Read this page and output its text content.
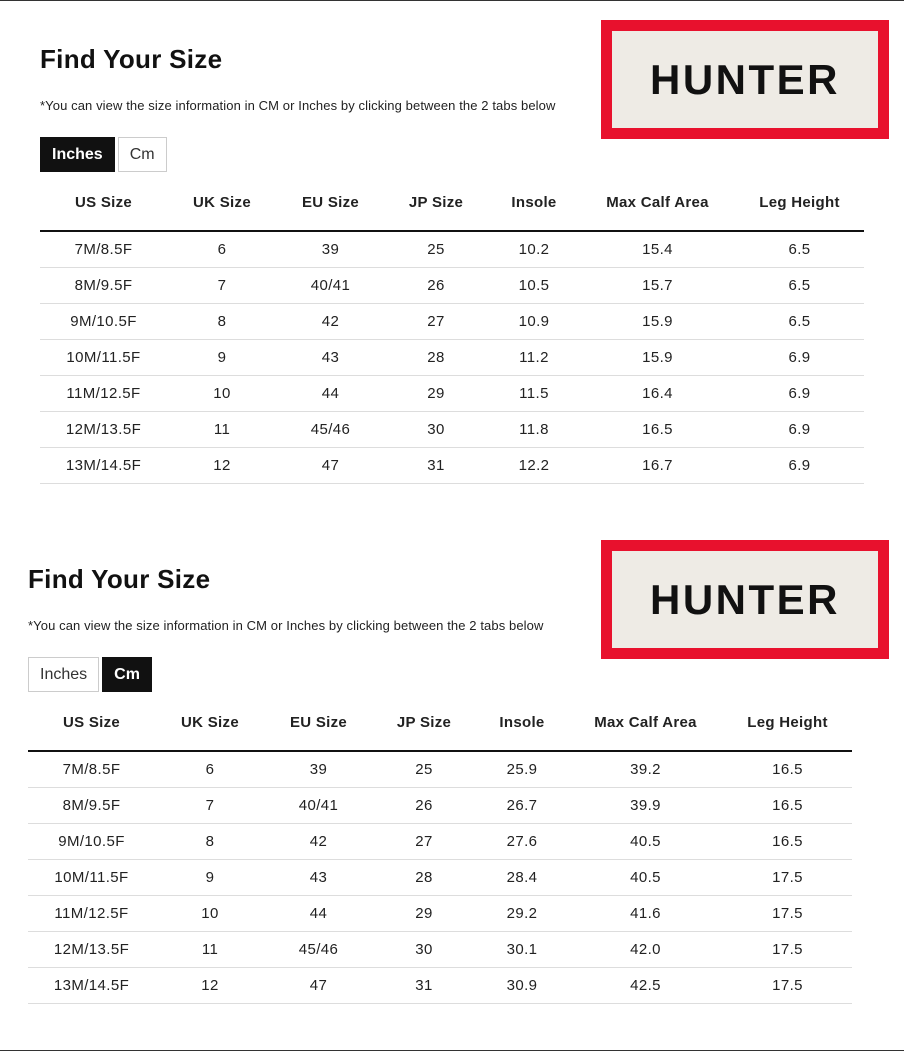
Find Your Size
*You can view the size information in CM or Inches by clicking between the 2 tabs below
Inches	Cm
HUNTER
US Size	UK Size	EU Size	JP Size	Insole	Max Calf Area	Leg Height
7M/8.5F	6	39	25	10.2	15.4	6.5
8M/9.5F	7	40/41	26	10.5	15.7	6.5
9M/10.5F	8	42	27	10.9	15.9	6.5
10M/11.5F	9	43	28	11.2	15.9	6.9
11M/12.5F	10	44	29	11.5	16.4	6.9
12M/13.5F	11	45/46	30	11.8	16.5	6.9
13M/14.5F	12	47	31	12.2	16.7	6.9
Find Your Size
*You can view the size information in CM or Inches by clicking between the 2 tabs below
Inches	Cm
HUNTER
US Size	UK Size	EU Size	JP Size	Insole	Max Calf Area	Leg Height
7M/8.5F	6	39	25	25.9	39.2	16.5
8M/9.5F	7	40/41	26	26.7	39.9	16.5
9M/10.5F	8	42	27	27.6	40.5	16.5
10M/11.5F	9	43	28	28.4	40.5	17.5
11M/12.5F	10	44	29	29.2	41.6	17.5
12M/13.5F	11	45/46	30	30.1	42.0	17.5
13M/14.5F	12	47	31	30.9	42.5	17.5
